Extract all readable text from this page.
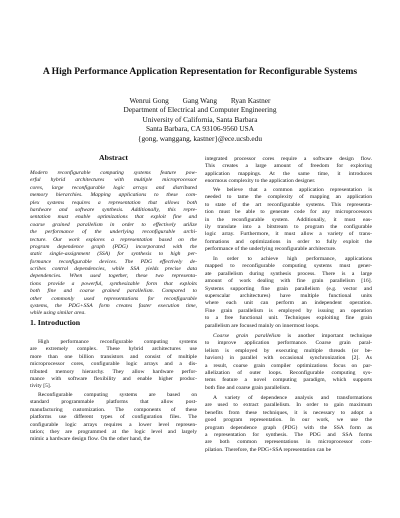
A High Performance Application Representation for Reconfigurable Systems
Wenrui Gong Gang Wang Ryan Kastner
Department of Electrical and Computer Engineering
University of California, Santa Barbara
Santa Barbara, CA 93106-9560 USA
{gong, wanggang, kastner}@ece.ucsb.edu
Abstract
Modern reconfigurable computing systems feature pow-
erful hybrid architectures with multiple microprocessor
cores, large reconfigurable logic arrays and distributed
memory hierarchies. Mapping applications to these com-
plex systems requires a representation that allows both
hardware and software synthesis. Additionally, this repre-
sentation must enable optimizations that exploit fine and
coarse grained parallelism in order to effectively utilize
the performance of the underlying reconfigurable archi-
tecture. Our work explores a representation based on the
program dependence graph (PDG) incorporated with the
static single-assignment (SSA) for synthesis to high per-
formance reconfigurable devices. The PDG effectively de-
scribes control dependencies, while SSA yields precise data
dependencies. When used together, these two representa-
tions provide a powerful, synthesizable form that exploits
both fine and coarse grained parallelism. Compared to
other commonly used representations for reconfigurable
systems, the PDG+SSA form creates faster execution time,
while using similar area.
1. Introduction
High performance reconfigurable computing systems
are extremely complex. These hybrid architectures use
more than one billion transistors and consist of multiple
microprocessor cores, configurable logic arrays and a dis-
tributed memory hierarchy. They allow hardware perfor-
mance with software flexibility and enable higher produc-
tivity [5].
Reconfigurable computing systems are based on
standard programmable platforms that allow post-
manufacturing customization. The components of these
platforms use different types of configuration files. The
configurable logic arrays requires a lower level represen-
tation; they are programmed at the logic level and largely
mimic a hardware design flow. On the other hand, the
integrated processor cores require a software design flow.
This creates a large amount of freedom for exploring
application mappings. At the same time, it introduces
enormous complexity to the application designer.
We believe that a common application representation is
needed to tame the complexity of mapping an application
to state of the art reconfigurable systems. This representa-
tion must be able to generate code for any microprocessors
in the reconfigurable system. Additionally, it must eas-
ily translate into a bitstream to program the configurable
logic array. Furthermore, it must allow a variety of trans-
formations and optimizations in order to fully exploit the
performance of the underlying reconfigurable architecture.
In order to achieve high performance, applications
mapped to reconfigurable computing systems must gener-
ate parallelism during synthesis process. There is a large
amount of work dealing with fine grain parallelism [16].
Systems supporting fine grain parallelism (e.g. vector and
superscalar architectures) have multiple functional units
where each unit can perform an independent operation.
Fine grain parallelism is employed by issuing an operation
to a free functional unit. Techniques exploiting fine grain
parallelism are focused mainly on innermost loops.
Coarse grain parallelism is another important technique
to improve application performance. Coarse grain paral-
lelism is employed by executing multiple threads (or be-
haviors) in parallel with occasional synchronization [2]. As
a result, coarse grain compiler optimizations focus on par-
allelization of outer loops. Reconfigurable computing sys-
tems feature a novel computing paradigm, which supports
both fine and coarse grain parallelism.
A variety of dependence analysis and transformations
are used to extract parallelism. In order to gain maximum
benefits from these techniques, it is necessary to adopt a
good program representation. In our work, we use the
program dependence graph (PDG) with the SSA form as
a representation for synthesis. The PDG and SSA forms
are both common representations in microprocessor com-
pilation. Therefore, the PDG+SSA representation can be
